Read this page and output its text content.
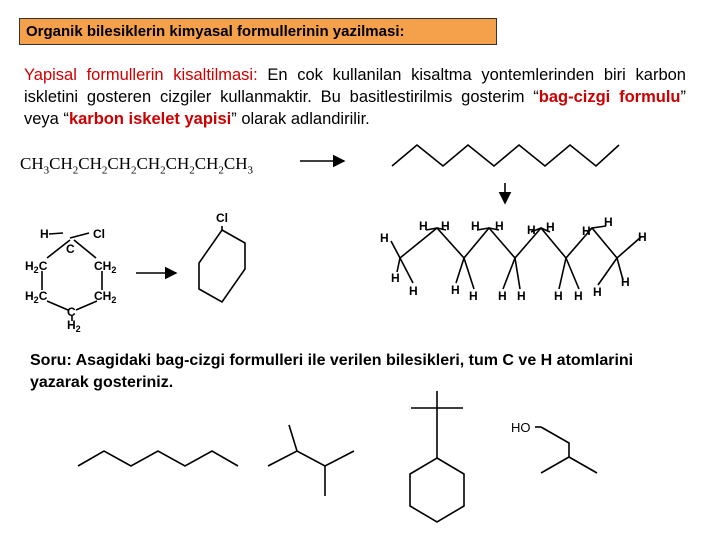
Organik bilesiklerin kimyasal formullerinin yazilmasi:
Yapisal formullerin kisaltilmasi: En cok kullanilan kisaltma yontemlerinden biri karbon iskletini gosteren cizgiler kullanmaktir. Bu basitlestirilmis gosterim “bag-cizgi formulu” veya “karbon iskelet yapisi” olarak adlandirilir.
$CH_3CH_2CH_2CH_2CH_2CH_2CH_2CH_3$
Soru: Asagidaki bag-cizgi formulleri ile verilen bilesikleri, tum C ve H atomlarini yazarak gosteriniz.
H
C
Cl
$H_2C$	$CH_2$
$H_2C$	$CH_2$
C
$H_2$
Cl
H
H
H
H H
H H
H H
H H
H H
H H
H
H
H
H
H
HO
